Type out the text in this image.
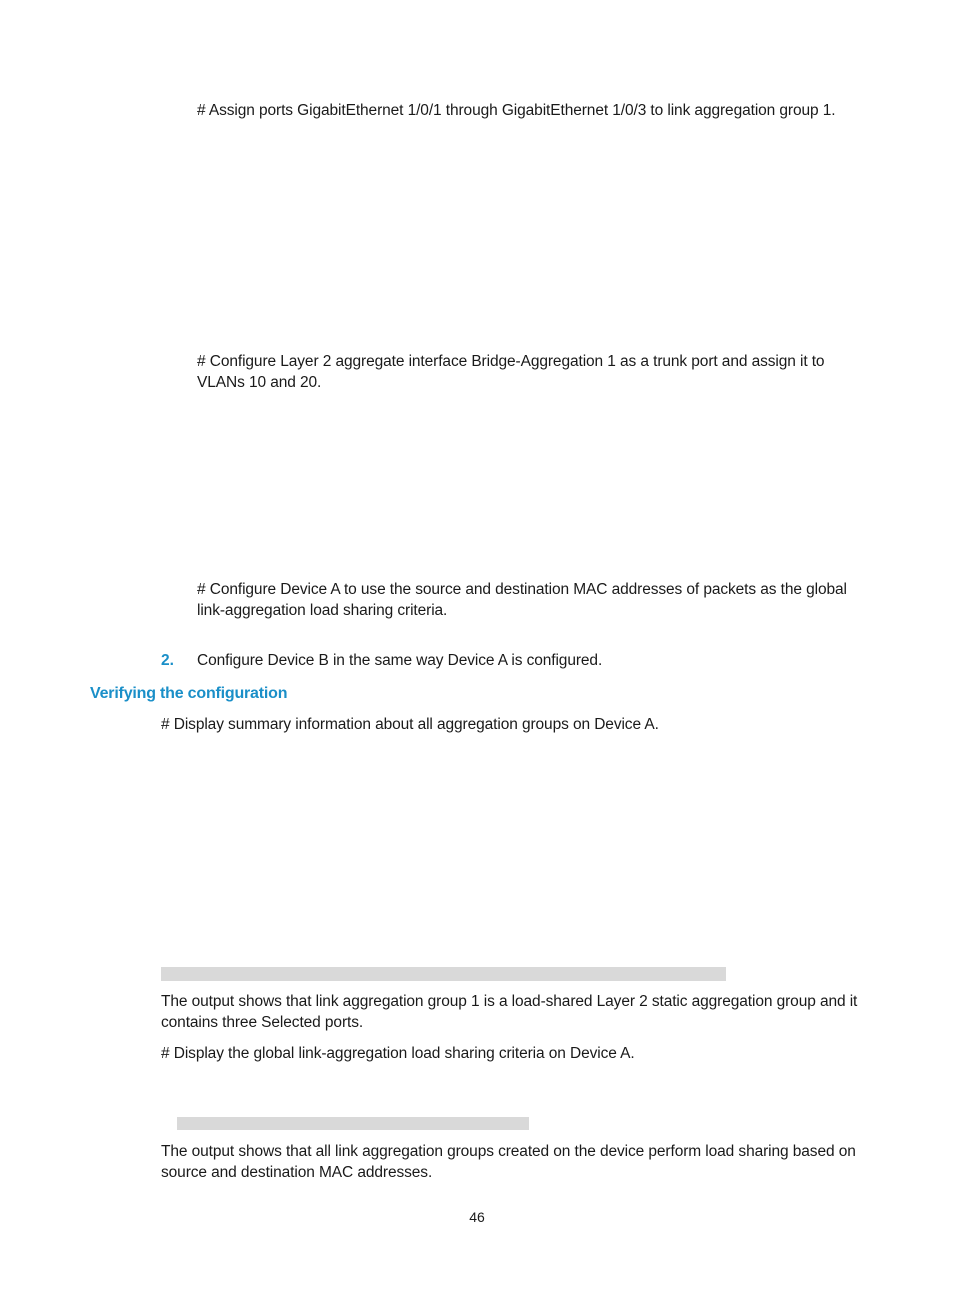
# Assign ports GigabitEthernet 1/0/1 through GigabitEthernet 1/0/3 to link aggregation group 1.

# Configure Layer 2 aggregate interface Bridge-Aggregation 1 as a trunk port and assign it to VLANs 10 and 20.

# Configure Device A to use the source and destination MAC addresses of packets as the global link-aggregation load sharing criteria.

2. Configure Device B in the same way Device A is configured.

Verifying the configuration

# Display summary information about all aggregation groups on Device A.

The output shows that link aggregation group 1 is a load-shared Layer 2 static aggregation group and it contains three Selected ports.

# Display the global link-aggregation load sharing criteria on Device A.

The output shows that all link aggregation groups created on the device perform load sharing based on source and destination MAC addresses.

46
